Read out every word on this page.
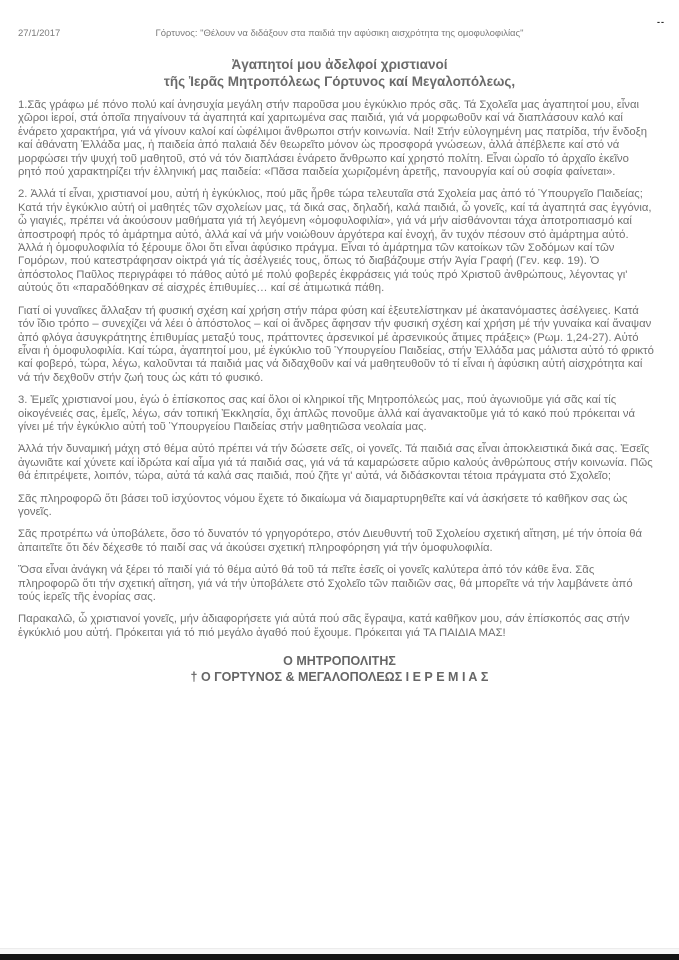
27/1/2017	Γόρτυνος: "Θέλουν να διδάξουν στα παιδιά την αφύσικη αισχρότητα της ομοφυλοφιλίας"
--
Ἀγαπητοί μου ἀδελφοί χριστιανοί
τῆς Ἱερᾶς Μητροπόλεως Γόρτυνος καί Μεγαλοπόλεως,

1.Σᾶς γράφω μέ πόνο πολύ καί ἀνησυχία μεγάλη στήν παροῦσα μου ἐγκύκλιο πρός σᾶς. Τά Σχολεῖα μας ἀγαπητοί μου, εἶναι χῶροι ἱεροί, στά ὁποῖα πηγαίνουν τά ἀγαπητά καί χαριτωμένα σας παιδιά, γιά νά μορφωθοῦν καί νά διαπλάσουν καλό καί ἐνάρετο χαρακτήρα, γιά νά γίνουν καλοί καί ὠφέλιμοι ἄνθρωποι στήν κοινωνία. Ναί! Στήν εὐλογημένη μας πατρίδα, τήν ἔνδοξη καί ἀθάνατη Ἑλλάδα μας, ἡ παιδεία ἀπό παλαιά δέν θεωρεῖτο μόνον ὡς προσφορά γνώσεων, ἀλλά ἀπέβλεπε καί στό νά μορφώσει τήν ψυχή τοῦ μαθητοῦ, στό νά τόν διαπλάσει ἐνάρετο ἄνθρωπο καί χρηστό πολίτη. Εἶναι ὡραῖο τό ἀρχαῖο ἐκεῖνο ρητό πού χαρακτηρίζει τήν ἑλληνική μας παιδεία: «Πᾶσα παιδεία χωριζομένη ἀρετῆς, πανουργία καί οὐ σοφία φαίνεται».

2. Ἀλλά τί εἶναι, χριστιανοί μου, αὐτή ἡ ἐγκύκλιος, πού μᾶς ἦρθε τώρα τελευταῖα στά Σχολεία μας ἀπό τό Ὑπουργεῖο Παιδείας; Κατά τήν ἐγκύκλιο αὐτή οἱ μαθητές τῶν σχολείων μας, τά δικά σας, δηλαδή, καλά παιδιά, ὦ γονεῖς, καί τά ἀγαπητά σας ἐγγόνια, ὦ γιαγιές, πρέπει νά ἀκούσουν μαθήματα γιά τή λεγόμενη «ὁμοφυλοφιλία», γιά νά μήν αἰσθάνονται τάχα ἀποτροπιασμό καί ἀποστροφή πρός τό ἁμάρτημα αὐτό, ἀλλά καί νά μήν νοιώθουν ἀργότερα καί ἐνοχή, ἄν τυχόν πέσουν στό ἁμάρτημα αὐτό. Ἀλλά ἡ ὁμοφυλοφιλία τό ξέρουμε ὅλοι ὅτι εἶναι ἀφύσικο πράγμα. Εἶναι τό ἁμάρτημα τῶν κατοίκων τῶν Σοδόμων καί τῶν Γομόρων, πού κατεστράφησαν οἰκτρά γιά τίς ἀσέλγειές τους, ὅπως τό διαβάζουμε στήν Ἁγία Γραφή (Γεν. κεφ. 19). Ὁ ἀπόστολος Παῦλος περιγράφει τό πάθος αὐτό μέ πολύ φοβερές ἐκφράσεις γιά τούς πρό Χριστοῦ ἀνθρώπους, λέγοντας γι' αὐτούς ὅτι «παραδόθηκαν σέ αἰσχρές ἐπιθυμίες… καί σέ ἀτιμωτικά πάθη.

Γιατί οἱ γυναῖκες ἄλλαξαν τή φυσική σχέση καί χρήση στήν πάρα φύση καί ἐξευτελίστηκαν μέ ἀκατανόμαστες ἀσέλγειες. Κατά τόν ἴδιο τρόπο – συνεχίζει νά λέει ὁ ἀπόστολος – καί οἱ ἄνδρες ἄφησαν τήν φυσική σχέση καί χρήση μέ τήν γυναίκα καί ἄναψαν ἀπό φλόγα ἀσυγκράτητης ἐπιθυμίας μεταξύ τους, πράττοντες ἀρσενικοί μέ ἀρσενικούς ἄτιμες πράξεις» (Ρωμ. 1,24-27). Αὐτό εἶναι ἡ ὁμοφυλοφιλία. Καί τώρα, ἀγαπητοί μου, μέ ἐγκύκλιο τοῦ Ὑπουργείου Παιδείας, στήν Ἑλλάδα μας μάλιστα αὐτό τό φρικτό καί φοβερό, τώρα, λέγω, καλοῦνται τά παιδιά μας νά διδαχθοῦν καί νά μαθητευθοῦν τό τί εἶναι ἡ ἀφύσικη αὐτή αἰσχρότητα καί νά τήν δεχθοῦν στήν ζωή τους ὡς κάτι τό φυσικό.

3. Ἐμεῖς χριστιανοί μου, ἐγώ ὁ ἐπίσκοπος σας καί ὅλοι οἱ κληρικοί τῆς Μητροπόλεώς μας, πού ἀγωνιοῦμε γιά σᾶς καί τίς οἰκογένειές σας, ἐμεῖς, λέγω, σάν τοπική Ἐκκλησία, ὄχι ἁπλῶς πονοῦμε ἀλλά καί ἀγανακτοῦμε γιά τό κακό πού πρόκειται νά γίνει μέ τήν ἐγκύκλιο αὐτή τοῦ Ὑπουργείου Παιδείας στήν μαθητιῶσα νεολαία μας.

Ἀλλά τήν δυναμική μάχη στό θέμα αὐτό πρέπει νά τήν δώσετε σεῖς, οἱ γονεῖς. Τά παιδιά σας εἶναι ἀποκλειστικά δικά σας. Ἐσεῖς ἀγωνιᾶτε καί χύνετε καί ἱδρώτα καί αἷμα γιά τά παιδιά σας, γιά νά τά καμαρώσετε αὔριο καλούς ἀνθρώπους στήν κοινωνία. Πῶς θά ἐπιτρέψετε, λοιπόν, τώρα, αὐτά τά καλά σας παιδιά, πού ζῆτε γι' αὐτά, νά διδάσκονται τέτοια πράγματα στό Σχολεῖο;

Σᾶς πληροφορῶ ὅτι βάσει τοῦ ἰσχύοντος νόμου ἔχετε τό δικαίωμα νά διαμαρτυρηθεῖτε καί νά ἀσκήσετε τό καθῆκον σας ὡς γονεῖς.

Σᾶς προτρέπω νά ὑποβάλετε, ὅσο τό δυνατόν τό γρηγορότερο, στόν Διευθυντή τοῦ Σχολείου σχετική αἴτηση, μέ τήν ὁποία θά ἀπαιτεῖτε ὅτι δέν δέχεσθε τό παιδί σας νά ἀκούσει σχετική πληροφόρηση γιά τήν ὁμοφυλοφιλία.

Ὅσα εἶναι ἀνάγκη νά ξέρει τό παιδί γιά τό θέμα αὐτό θά τοῦ τά πεῖτε ἐσεῖς οἱ γονεῖς καλύτερα ἀπό τόν κάθε ἕνα. Σᾶς πληροφορῶ ὅτι τήν σχετική αἴτηση, γιά νά τήν ὑποβάλετε στό Σχολεῖο τῶν παιδιῶν σας, θά μπορεῖτε νά τήν λαμβάνετε ἀπό τούς ἱερεῖς τῆς ἐνορίας σας.

Παρακαλῶ, ὦ χριστιανοί γονεῖς, μήν ἀδιαφορήσετε γιά αὐτά πού σᾶς ἔγραψα, κατά καθῆκον μου, σάν ἐπίσκοπός σας στήν ἐγκύκλιό μου αὐτή. Πρόκειται γιά τό πιό μεγάλο ἀγαθό πού ἔχουμε. Πρόκειται γιά ΤΑ ΠΑΙΔΙΑ ΜΑΣ!

Ο ΜΗΤΡΟΠΟΛΙΤΗΣ
† Ο ΓΟΡΤΥΝΟΣ & ΜΕΓΑΛΟΠΟΛΕΩΣ Ι Ε Ρ Ε Μ Ι Α Σ
